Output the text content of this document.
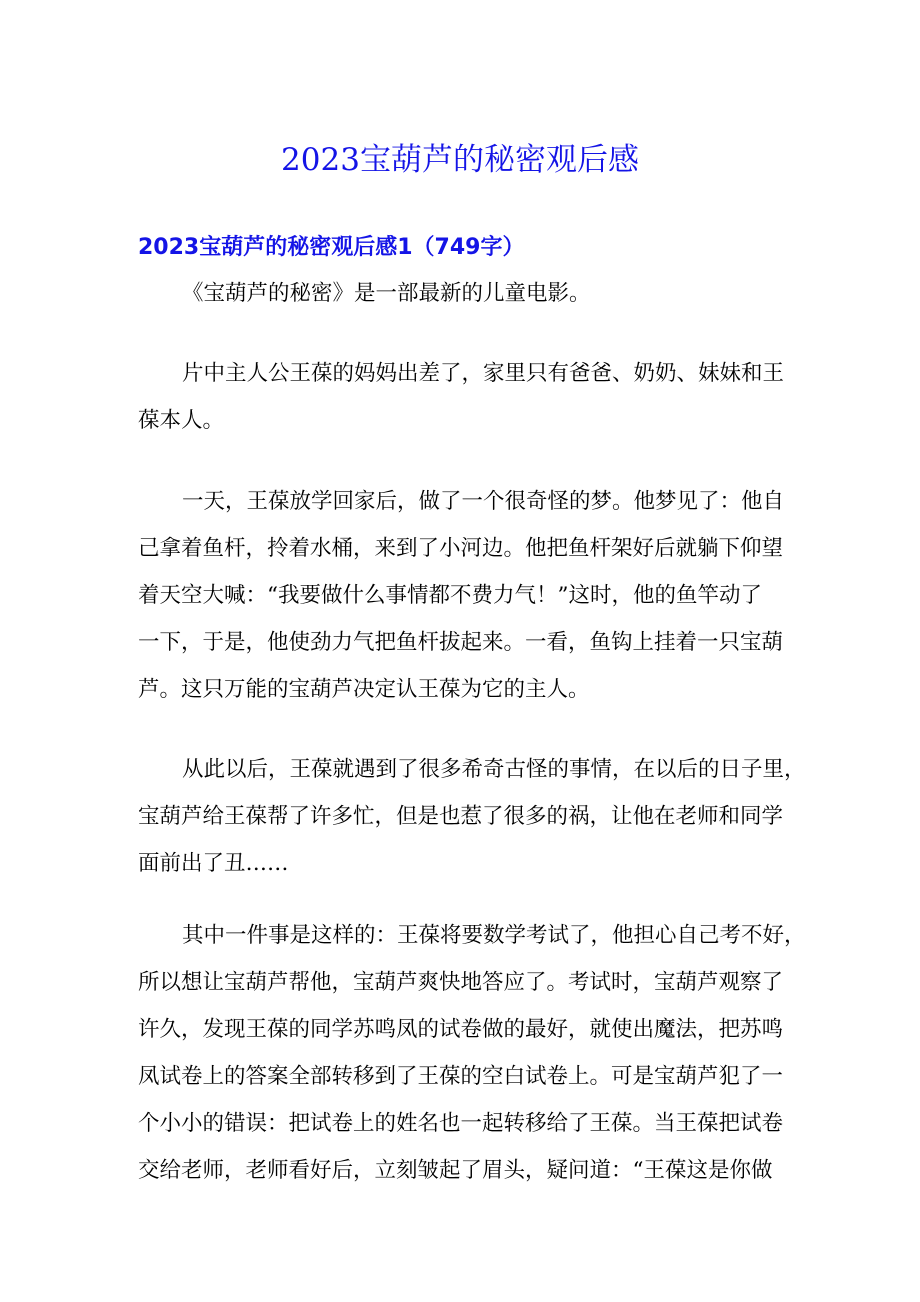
2023宝葫芦的秘密观后感
2023宝葫芦的秘密观后感1（749字）
《宝葫芦的秘密》是一部最新的儿童电影。
片中主人公王葆的妈妈出差了，家里只有爸爸、奶奶、妹妹和王
葆本人。
一天，王葆放学回家后，做了一个很奇怪的梦。他梦见了：他自
己拿着鱼杆，拎着水桶，来到了小河边。他把鱼杆架好后就躺下仰望
着天空大喊：“我要做什么事情都不费力气！”这时，他的鱼竿动了
一下，于是，他使劲力气把鱼杆拔起来。一看，鱼钩上挂着一只宝葫
芦。这只万能的宝葫芦决定认王葆为它的主人。
从此以后，王葆就遇到了很多希奇古怪的事情，在以后的日子里，
宝葫芦给王葆帮了许多忙，但是也惹了很多的祸，让他在老师和同学
面前出了丑……
其中一件事是这样的：王葆将要数学考试了，他担心自己考不好，
所以想让宝葫芦帮他，宝葫芦爽快地答应了。考试时，宝葫芦观察了
许久，发现王葆的同学苏鸣凤的试卷做的最好，就使出魔法，把苏鸣
凤试卷上的答案全部转移到了王葆的空白试卷上。可是宝葫芦犯了一
个小小的错误：把试卷上的姓名也一起转移给了王葆。当王葆把试卷
交给老师，老师看好后，立刻皱起了眉头，疑问道：“王葆这是你做
